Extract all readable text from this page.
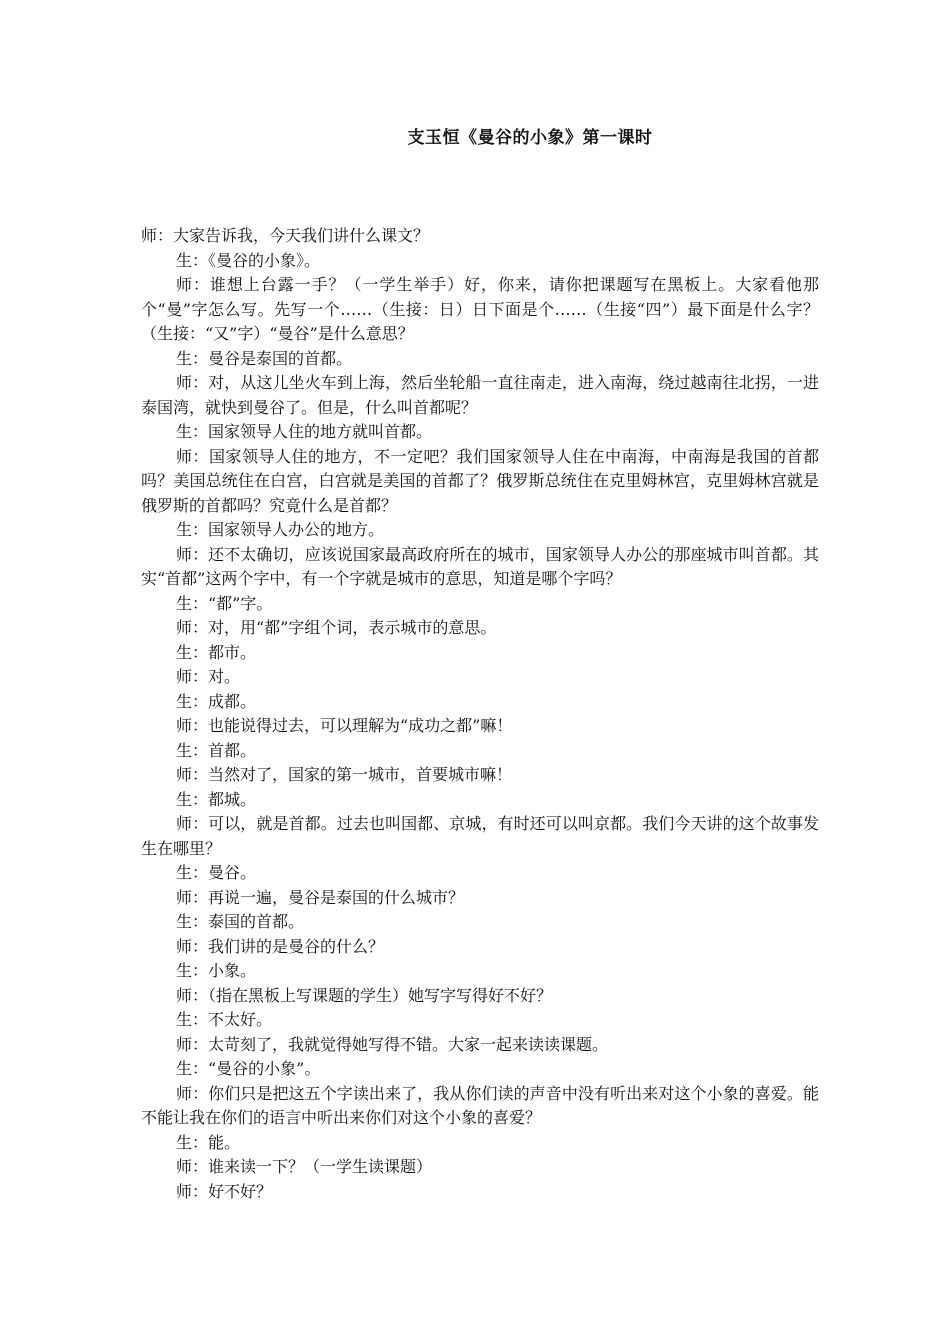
支玉恒《曼谷的小象》第一课时

师：大家告诉我，今天我们讲什么课文？

生：《曼谷的小象》。

师：谁想上台露一手？（一学生举手）好，你来，请你把课题写在黑板上。大家看他那个“曼”字怎么写。先写一个……（生接：日）日下面是个……（生接“四”）最下面是什么字？（生接：“又”字）“曼谷”是什么意思？

生：曼谷是泰国的首都。

师：对，从这儿坐火车到上海，然后坐轮船一直往南走，进入南海，绕过越南往北拐，一进泰国湾，就快到曼谷了。但是，什么叫首都呢？

生：国家领导人住的地方就叫首都。

师：国家领导人住的地方，不一定吧？我们国家领导人住在中南海，中南海是我国的首都吗？美国总统住在白宫，白宫就是美国的首都了？俄罗斯总统住在克里姆林宫，克里姆林宫就是俄罗斯的首都吗？究竟什么是首都？

生：国家领导人办公的地方。

师：还不太确切，应该说国家最高政府所在的城市，国家领导人办公的那座城市叫首都。其实“首都”这两个字中，有一个字就是城市的意思，知道是哪个字吗？

生：“都”字。

师：对，用“都”字组个词，表示城市的意思。

生：都市。

师：对。

生：成都。

师：也能说得过去，可以理解为“成功之都”嘛！

生：首都。

师：当然对了，国家的第一城市，首要城市嘛！

生：都城。

师：可以，就是首都。过去也叫国都、京城，有时还可以叫京都。我们今天讲的这个故事发生在哪里？

生：曼谷。

师：再说一遍，曼谷是泰国的什么城市？

生：泰国的首都。

师：我们讲的是曼谷的什么？

生：小象。

师：（指在黑板上写课题的学生）她写字写得好不好？

生：不太好。

师：太苛刻了，我就觉得她写得不错。大家一起来读读课题。

生：“曼谷的小象”。

师：你们只是把这五个字读出来了，我从你们读的声音中没有听出来对这个小象的喜爱。能不能让我在你们的语言中听出来你们对这个小象的喜爱？

生：能。

师：谁来读一下？（一学生读课题）

师：好不好？
